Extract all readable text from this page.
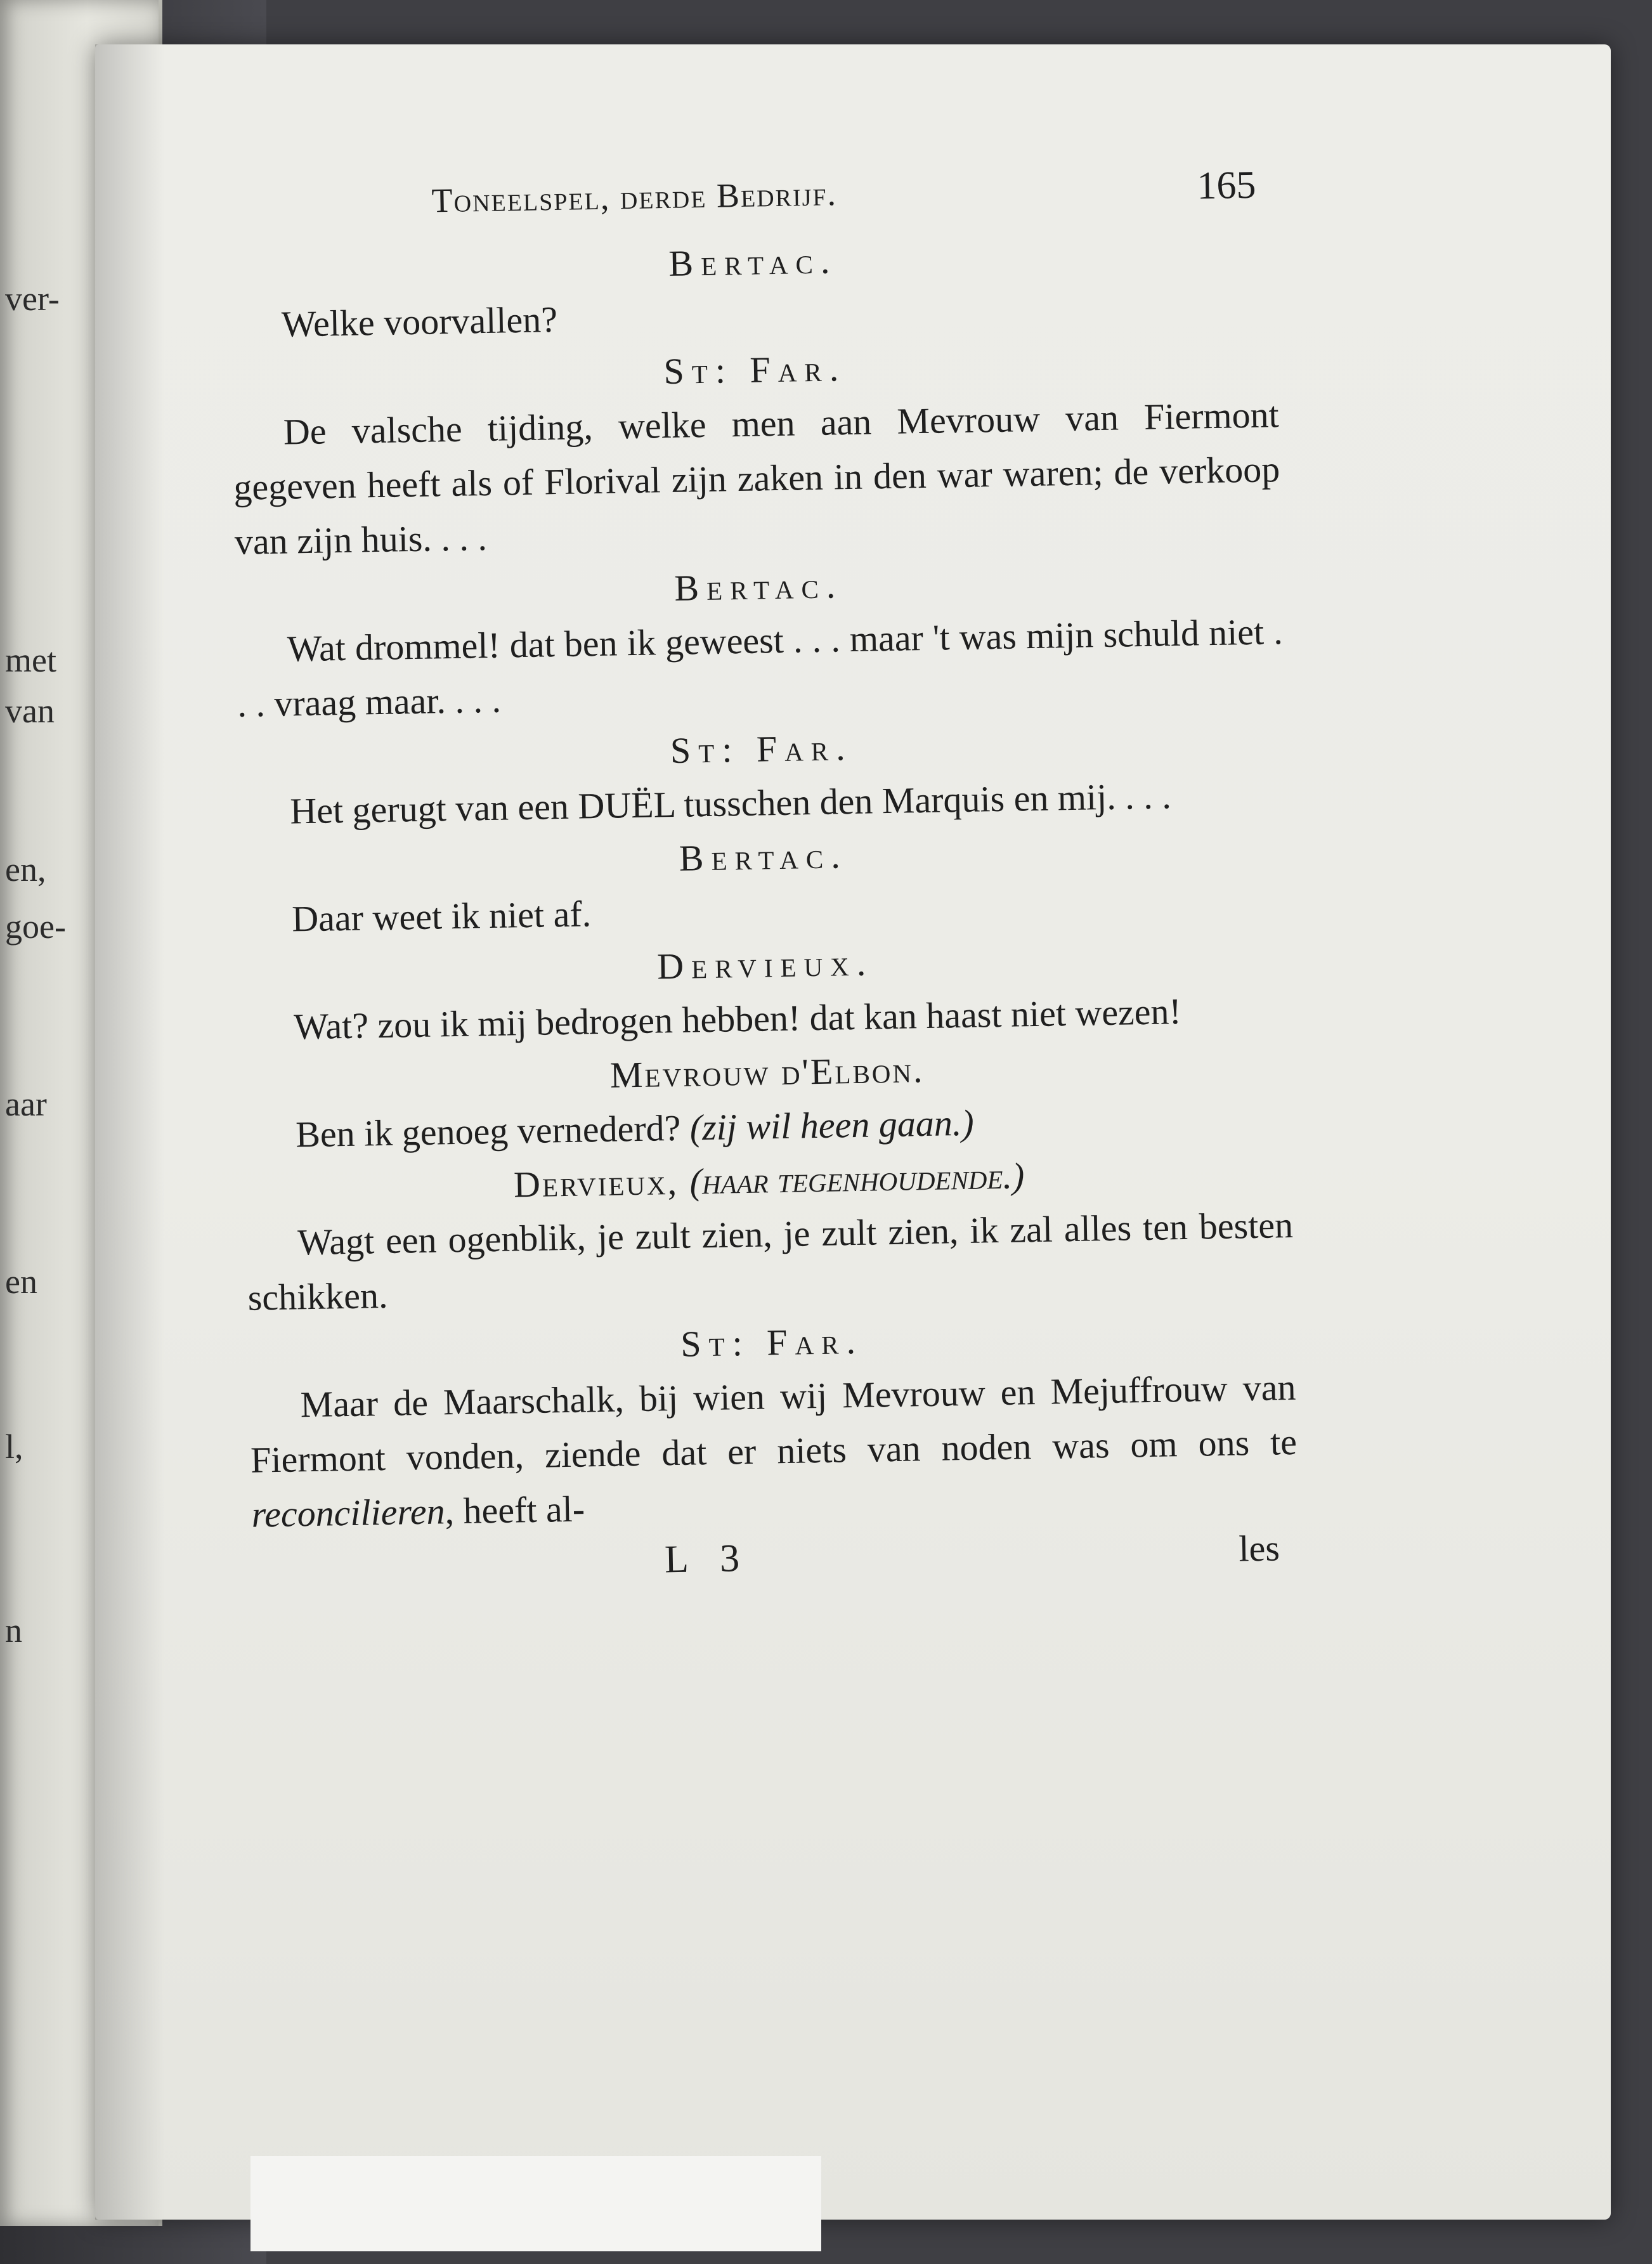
ver-
met
van
en,
goe-
aar
en
l,
n
Toneelspel, derde Bedrijf.	165
Bertac.

Welke voorvallen?

St: Far.

De valsche tijding, welke men aan Mevrouw van Fiermont gegeven heeft als of Florival zijn zaken in den war waren; de verkoop van zijn huis. . . .

Bertac.

Wat drommel! dat ben ik geweest . . . maar 't was mijn schuld niet . . . vraag maar. . . .

St: Far.

Het gerugt van een DUËL tusschen den Marquis en mij. . . .

Bertac.

Daar weet ik niet af.

Dervieux.

Wat? zou ik mij bedrogen hebben! dat kan haast niet wezen!

Mevrouw d'Elbon.

Ben ik genoeg vernederd? (zij wil heen gaan.)

Dervieux, (haar tegenhoudende.)

Wagt een ogenblik, je zult zien, je zult zien, ik zal alles ten besten schikken.

St: Far.

Maar de Maarschalk, bij wien wij Mevrouw en Mejuffrouw van Fiermont vonden, ziende dat er niets van noden was om ons te reconcilieren, heeft al-

L 3	les
